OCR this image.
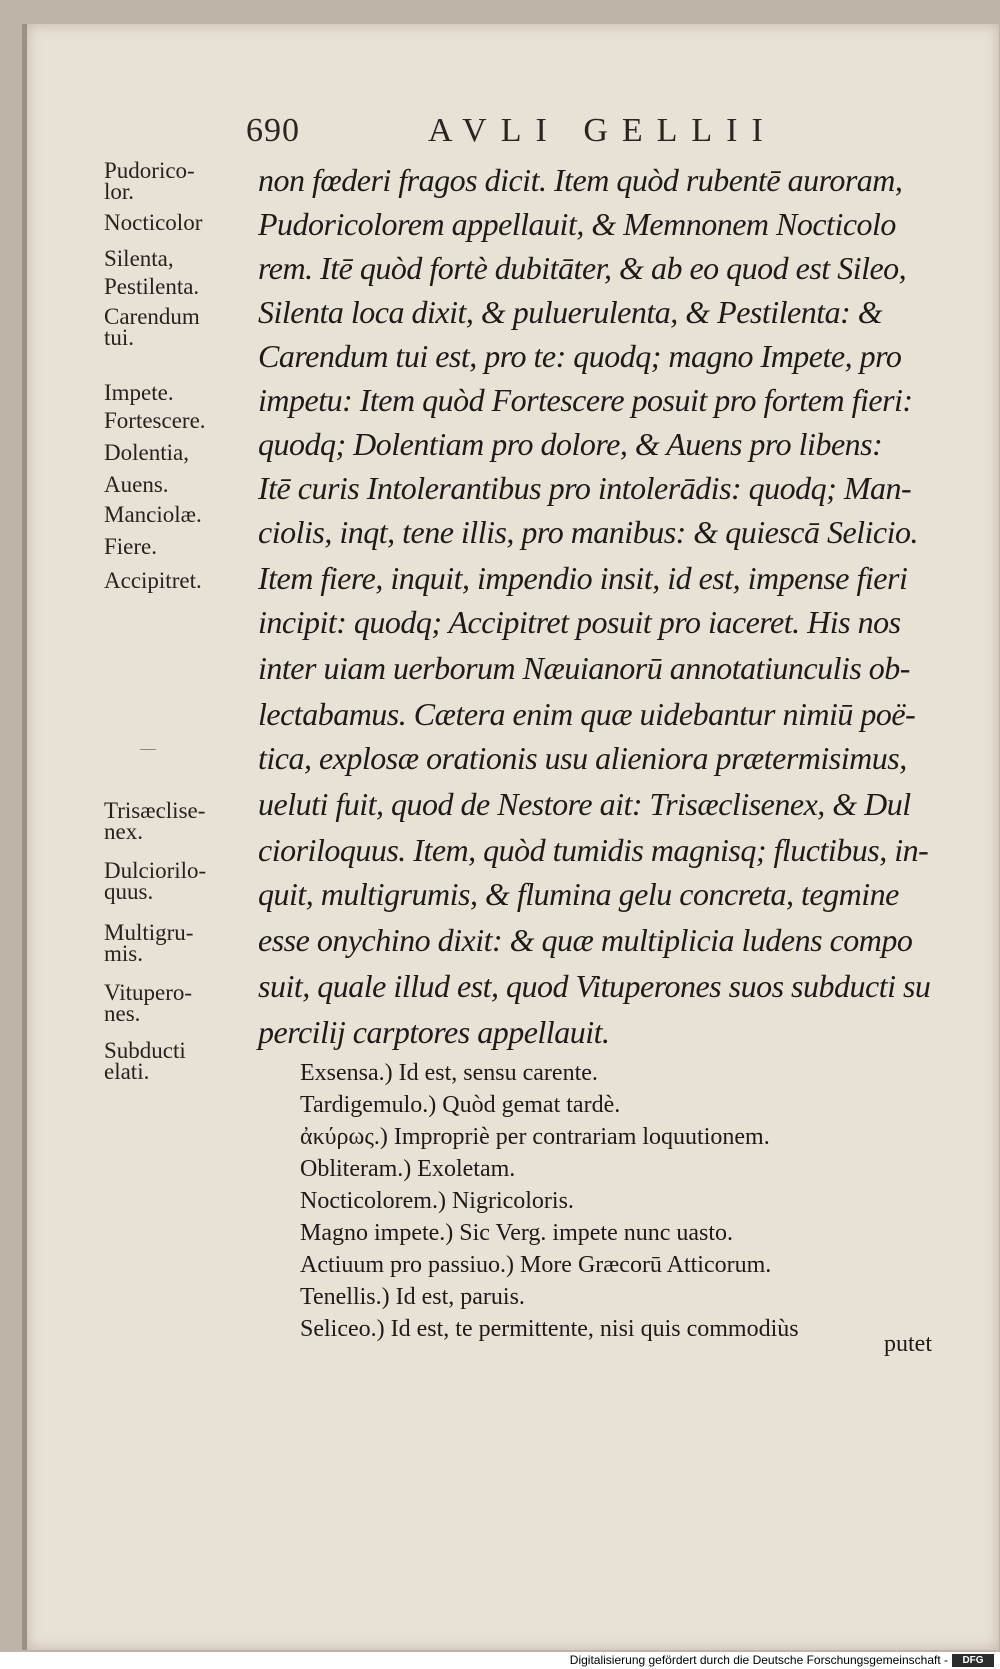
690	AVLI GELLII
Pudorico-
lor.
Nocticolor
Silenta,
Pestilenta.
Carendum
tui.
Impete.
Fortescere.
Dolentia,
Auens.
Manciolæ.
Fiere.
Accipitret.
Trisæclise-
nex.
Dulciorilo-
quus.
Multigru-
mis.
Vitupero-
nes.
Subducti
elati.
non fœderi fragos dicit. Item quòd rubentē auroram,
Pudoricolorem appellauit, & Memnonem Nocticolo
rem. Itē quòd fortè dubitāter, & ab eo quod est Sileo,
Silenta loca dixit, & puluerulenta, & Pestilenta: &
Carendum tui est, pro te: quodq; magno Impete, pro
impetu: Item quòd Fortescere posuit pro fortem fieri:
quodq; Dolentiam pro dolore, & Auens pro libens:
Itē curis Intolerantibus pro intolerādis: quodq; Man-
ciolis, inqt, tene illis, pro manibus: & quiescā Selicio.
Item fiere, inquit, impendio insit, id est, impense fieri
incipit: quodq; Accipitret posuit pro iaceret. His nos
inter uiam uerborum Næuianorū annotatiunculis ob-
lectabamus. Cætera enim quæ uidebantur nimiū poë-
tica, explosæ orationis usu alieniora prætermisimus,
ueluti fuit, quod de Nestore ait: Trisæclisenex, & Dul
cioriloquus. Item, quòd tumidis magnisq; fluctibus, in-
quit, multigrumis, & flumina gelu concreta, tegmine
esse onychino dixit: & quæ multiplicia ludens compo
suit, quale illud est, quod Vituperones suos subducti su
percilij carptores appellauit.
Exsensa.) Id est, sensu carente.
Tardigemulo.) Quòd gemat tardè.
ἀκύρως.) Impropriè per contrariam loquutionem.
Obliteram.) Exoletam.
Nocticolorem.) Nigricoloris.
Magno impete.) Sic Verg. impete nunc uasto.
Actiuum pro passiuo.) More Græcorū Atticorum.
Tenellis.) Id est, paruis.
Seliceo.) Id est, te permittente, nisi quis commodiùs
putet
Digitalisierung gefördert durch die Deutsche Forschungsgemeinschaft -	DFG
